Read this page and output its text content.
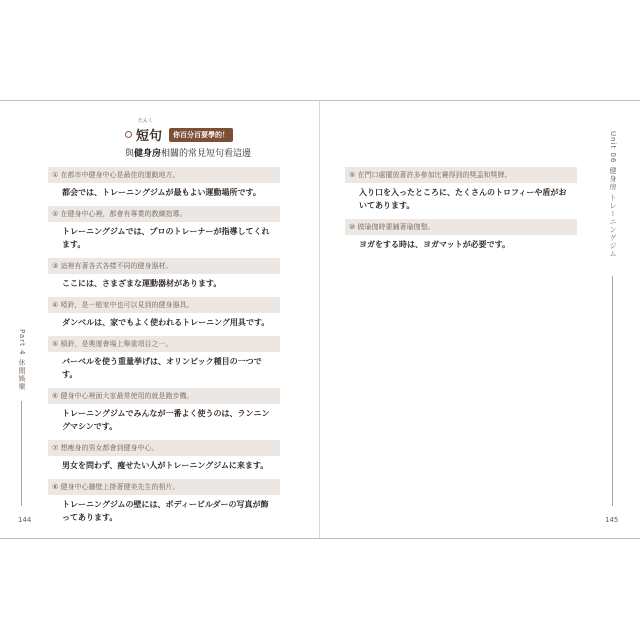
たんく
短句	你百分百要學的！
與健身房相關的常見短句看這邊
① 在都市中健身中心是最佳的運動地方。
都会では、トレーニングジムが最もよい運動場所です。
② 在健身中心裡，都會有專業的教練指導。
トレーニングジムでは、プロのトレーナーが指導してくれます。
③ 這裡有著各式各樣不同的健身器材。
ここには、さまざまな運動器材があります。
④ 啞鈴，是一般家中也可以見到的健身器具。
ダンベルは、家でもよく使われるトレーニング用具です。
⑤ 槓鈴，是奧運會場上舉重項目之一。
バーベルを使う重量挙げは、オリンピック種目の一つです。
⑥ 健身中心裡面大家最常使用的就是跑步機。
トレーニングジムでみんなが一番よく使うのは、ランニングマシンです。
⑦ 想瘦身的男女都會到健身中心。
男女を問わず、痩せたい人がトレーニングジムに来ます。
⑧ 健身中心牆壁上掛著健美先生的相片。
トレーニングジムの壁には、ボディービルダーの写真が飾ってあります。
⑨ 在門口處擺放著許多參加比賽得到的獎盃和獎牌。
入り口を入ったところに、たくさんのトロフィーや盾がおいてあります。
⑩ 做瑜伽時要鋪著瑜伽墊。
ヨガをする時は、ヨガマットが必要です。
Part 4 休閒娛樂
144
Unit 06 健身房 トレーニングジム
145
